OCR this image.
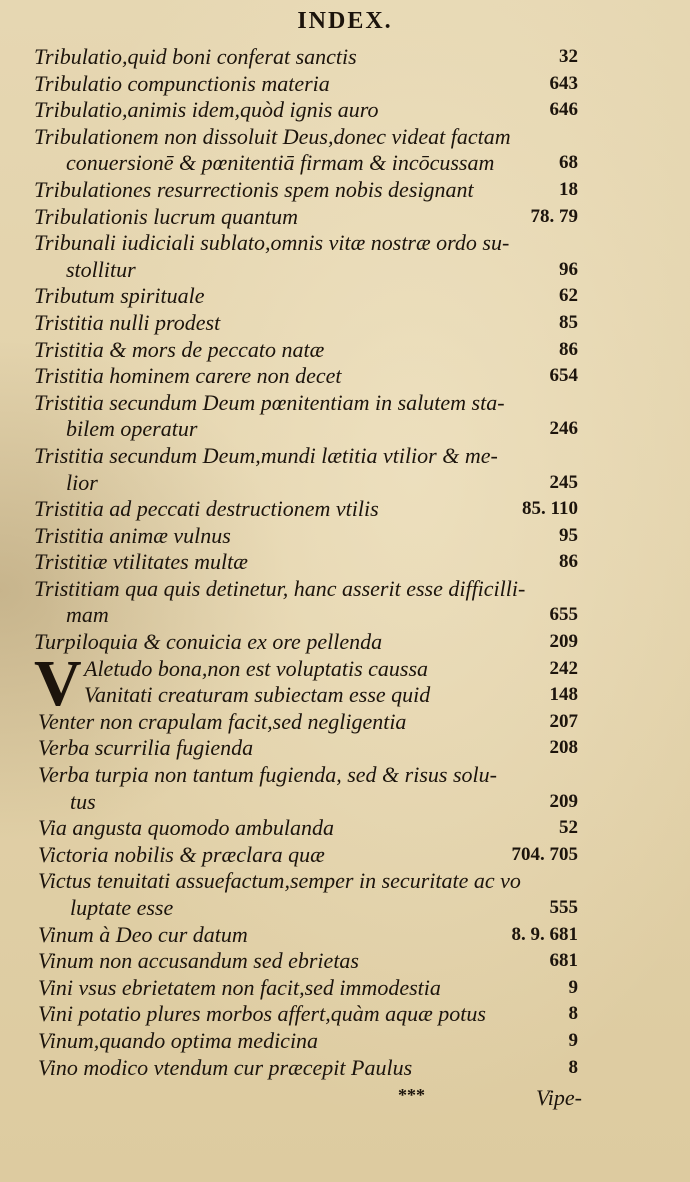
INDEX.
Tribulatio,quid boni conferat sanctis	32
Tribulatio compunctionis materia	643
Tribulatio,animis idem,quòd ignis auro	646
Tribulationem non dissoluit Deus,donec videat factam
conuersionē & pœnitentiā firmam & incōcussam	68
Tribulationes resurrectionis spem nobis designant	18
Tribulationis lucrum quantum	78. 79
Tribunali iudiciali sublato,omnis vitæ nostræ ordo su-
stollitur	96
Tributum spirituale	62
Tristitia nulli prodest	85
Tristitia & mors de peccato natæ	86
Tristitia hominem carere non decet	654
Tristitia secundum Deum pœnitentiam in salutem sta-
bilem operatur	246
Tristitia secundum Deum,mundi lætitia vtilior & me-
lior	245
Tristitia ad peccati destructionem vtilis	85. 110
Tristitia animæ vulnus	95
Tristitiæ vtilitates multæ	86
Tristitiam qua quis detinetur, hanc asserit esse difficilli-
mam	655
Turpiloquia & conuicia ex ore pellenda	209
Aletudo bona,non est voluptatis caussa	242
Vanitati creaturam subiectam esse quid	148
Venter non crapulam facit,sed negligentia	207
Verba scurrilia fugienda	208
Verba turpia non tantum fugienda, sed & risus solu-
tus	209
Via angusta quomodo ambulanda	52
Victoria nobilis & præclara quæ	704. 705
Victus tenuitati assuefactum,semper in securitate ac vo
luptate esse	555
Vinum à Deo cur datum	8. 9. 681
Vinum non accusandum sed ebrietas	681
Vini vsus ebrietatem non facit,sed immodestia	9
Vini potatio plures morbos affert,quàm aquæ potus	8
Vinum,quando optima medicina	9
Vino modico vtendum cur præcepit Paulus	8
V
***	Vipe-
